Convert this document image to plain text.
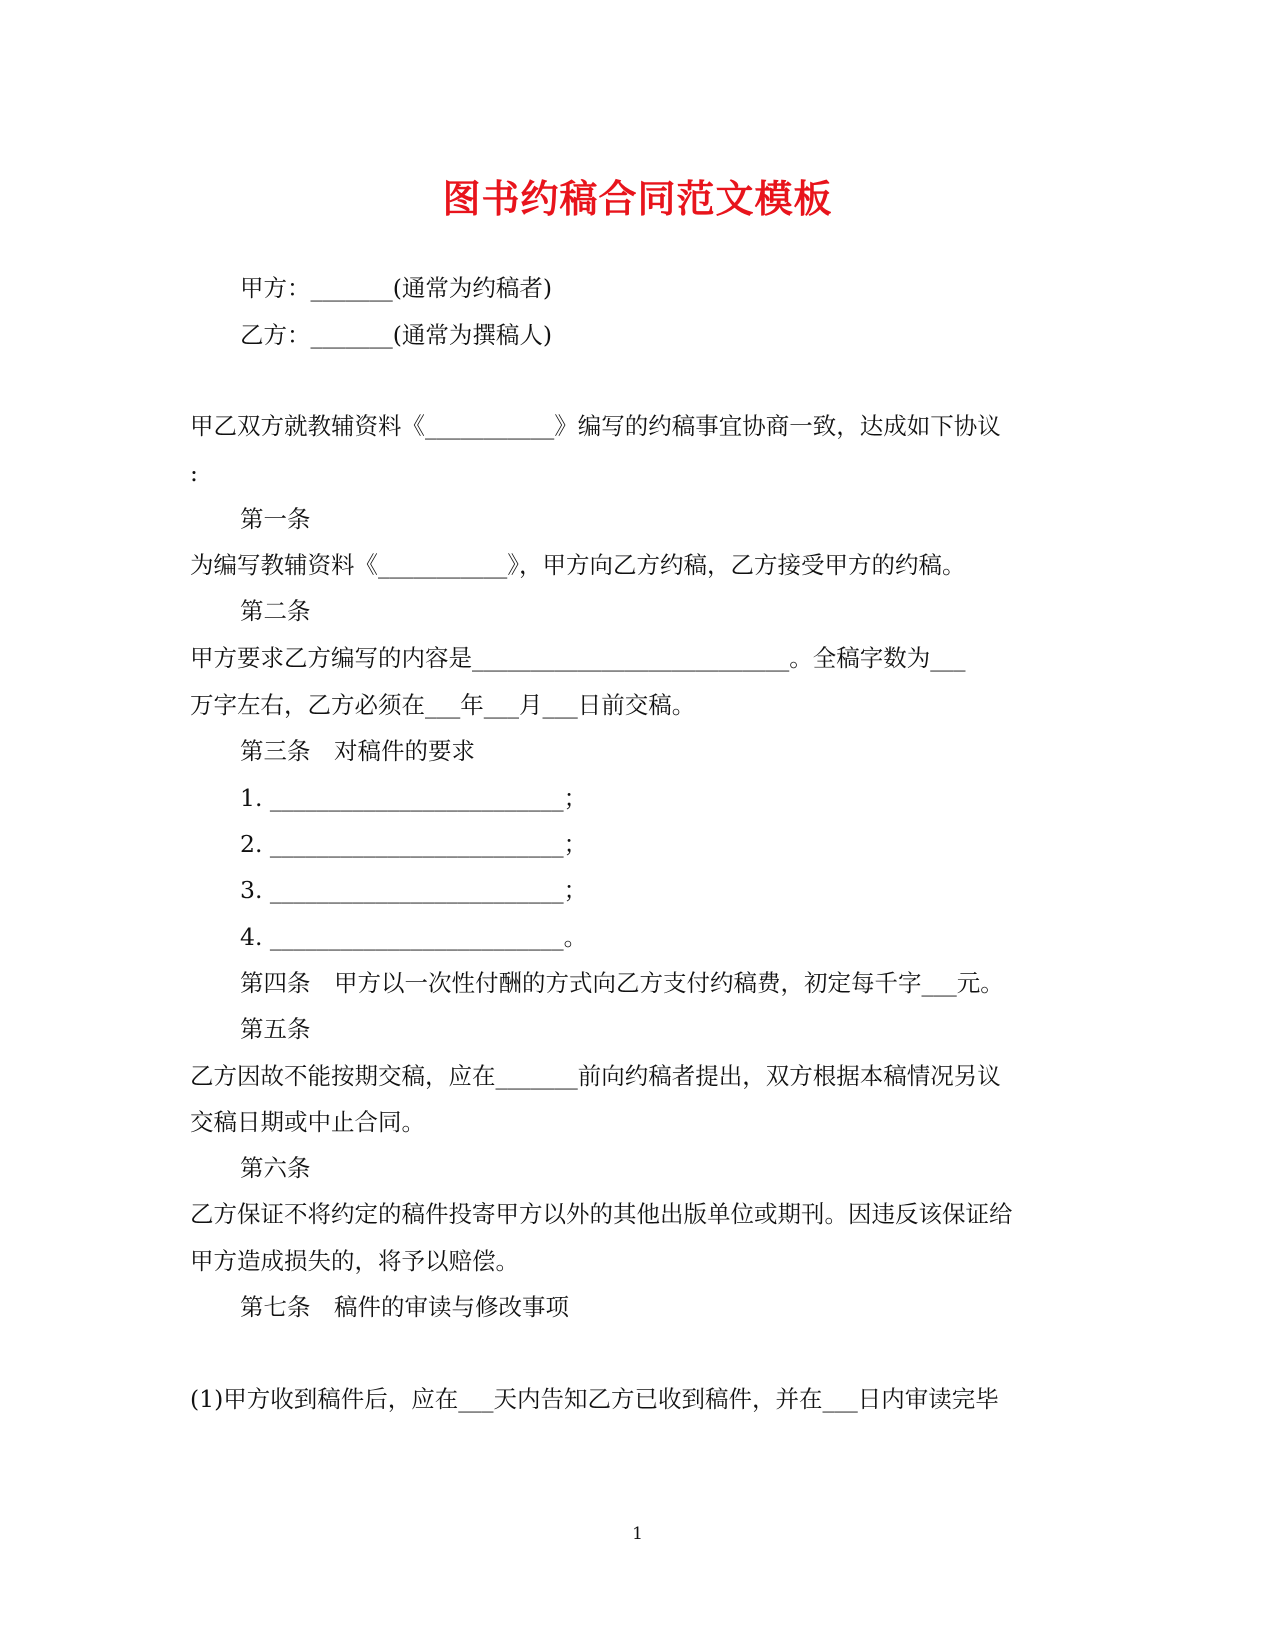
图书约稿合同范文模板
甲方：_______(通常为约稿者)
乙方：_______(通常为撰稿人)
甲乙双方就教辅资料《___________》编写的约稿事宜协商一致，达成如下协议
:
第一条
为编写教辅资料《___________》，甲方向乙方约稿，乙方接受甲方的约稿。
第二条
甲方要求乙方编写的内容是___________________________。全稿字数为___
万字左右，乙方必须在___年___月___日前交稿。
第三条　对稿件的要求
1. _________________________；
2. _________________________；
3. _________________________；
4. _________________________。
第四条　甲方以一次性付酬的方式向乙方支付约稿费，初定每千字___元。
第五条
乙方因故不能按期交稿，应在_______前向约稿者提出，双方根据本稿情况另议
交稿日期或中止合同。
第六条
乙方保证不将约定的稿件投寄甲方以外的其他出版单位或期刊。因违反该保证给
甲方造成损失的，将予以赔偿。
第七条　稿件的审读与修改事项
(1)甲方收到稿件后，应在___天内告知乙方已收到稿件，并在___日内审读完毕
1
